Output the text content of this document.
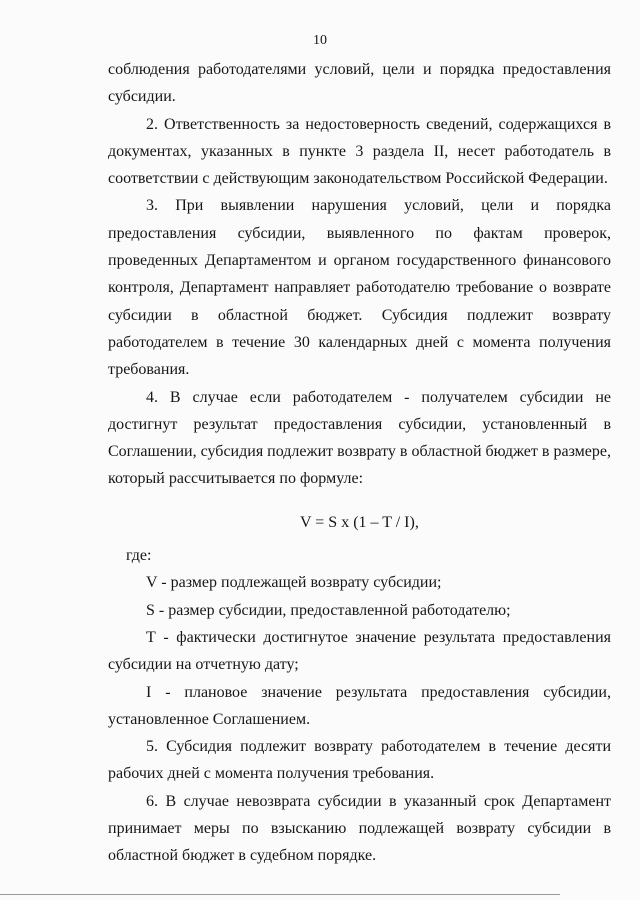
10

соблюдения работодателями условий, цели и порядка предоставления субсидии.

2. Ответственность за недостоверность сведений, содержащихся в документах, указанных в пункте 3 раздела II, несет работодатель в соответствии с действующим законодательством Российской Федерации.

3. При выявлении нарушения условий, цели и порядка предоставления субсидии, выявленного по фактам проверок, проведенных Департаментом и органом государственного финансового контроля, Департамент направляет работодателю требование о возврате субсидии в областной бюджет. Субсидия подлежит возврату работодателем в течение 30 календарных дней с момента получения требования.

4. В случае если работодателем - получателем субсидии не достигнут результат предоставления субсидии, установленный в Соглашении, субсидия подлежит возврату в областной бюджет в размере, который рассчитывается по формуле:

V = S x (1 – T / I),

где:

V - размер подлежащей возврату субсидии;

S - размер субсидии, предоставленной работодателю;

Т - фактически достигнутое значение результата предоставления субсидии на отчетную дату;

I - плановое значение результата предоставления субсидии, установленное Соглашением.

5. Субсидия подлежит возврату работодателем в течение десяти рабочих дней с момента получения требования.

6. В случае невозврата субсидии в указанный срок Департамент принимает меры по взысканию подлежащей возврату субсидии в областной бюджет в судебном порядке.
